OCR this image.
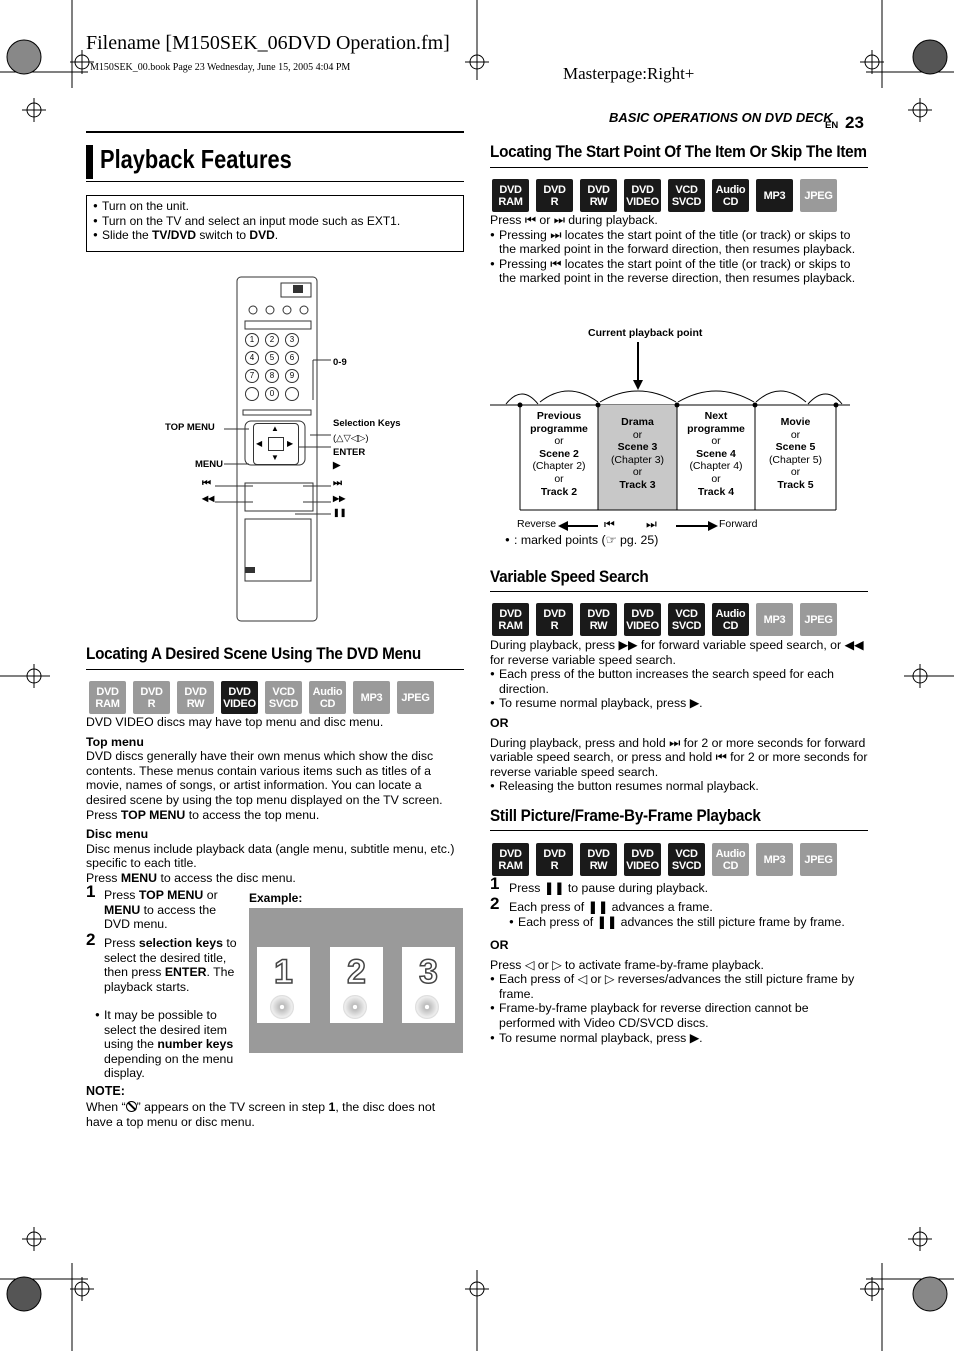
Filename [M150SEK_06DVD Operation.fm]
M150SEK_00.book Page 23 Wednesday, June 15, 2005 4:04 PM	Masterpage:Right+
BASIC OPERATIONS ON DVD DECK
EN 23
Playback Features
● Turn on the unit.
● Turn on the TV and select an input mode such as EXT1.
● Slide the TV/DVD switch to DVD.
TOP MENU
MENU
⏮
◀◀
0-9
Selection Keys
(△▽◁▷)
ENTER
▶
⏭
▶▶
❚❚
1	2	3
4	5	6
7	8	9
0
▲
▼
◀	▶
Locating A Desired Scene Using The DVD Menu
DVD
RAM
DVD
R
DVD
RW
DVD
VIDEO
VCD
SVCD
Audio
CD	MP3	JPEG
DVD VIDEO discs may have top menu and disc menu.
Top menu
DVD discs generally have their own menus which show the disc contents. These menus contain various items such as titles of a movie, names of songs, or artist information. You can locate a desired scene by using the top menu displayed on the TV screen.
Press TOP MENU to access the top menu.
Disc menu
Disc menus include playback data (angle menu, subtitle menu, etc.) specific to each title.
Press MENU to access the disc menu.
1 Press TOP MENU or MENU to access the DVD menu.
2 Press selection keys to select the desired title, then press ENTER. The playback starts.
● It may be possible to select the desired item using the number keys depending on the menu display.
Example:
1	2	3
NOTE:
When “ ” appears on the TV screen in step 1, the disc does not have a top menu or disc menu.
Locating The Start Point Of The Item Or Skip The Item
DVD
RAM
DVD
R
DVD
RW
DVD
VIDEO
VCD
SVCD
Audio
CD	MP3	JPEG
Press ⏮ or ⏭ during playback.
● Pressing ⏭ locates the start point of the title (or track) or skips to the marked point in the forward direction, then resumes playback.
● Pressing ⏮ locates the start point of the title (or track) or skips to the marked point in the reverse direction, then resumes playback.
Current playback point
Previous programme
or
Scene 2
(Chapter 2)
or
Track 2
Drama
or
Scene 3
(Chapter 3)
or
Track 3
Next programme
or
Scene 4
(Chapter 4)
or
Track 4
Movie
or
Scene 5
(Chapter 5)
or
Track 5
Reverse	⏮	⏭	Forward
● : marked points (☞ pg. 25)
Variable Speed Search
DVD
RAM
DVD
R
DVD
RW
DVD
VIDEO
VCD
SVCD
Audio
CD	MP3	JPEG
During playback, press ▶▶ for forward variable speed search, or ◀◀ for reverse variable speed search.
● Each press of the button increases the search speed for each direction.
● To resume normal playback, press ▶.
OR
During playback, press and hold ⏭ for 2 or more seconds for forward variable speed search, or press and hold ⏮ for 2 or more seconds for reverse variable speed search.
● Releasing the button resumes normal playback.
Still Picture/Frame-By-Frame Playback
DVD
RAM
DVD
R
DVD
RW
DVD
VIDEO
VCD
SVCD
Audio
CD	MP3	JPEG
1 Press ❚❚ to pause during playback.
2 Each press of ❚❚ advances a frame.
● Each press of ❚❚ advances the still picture frame by frame.
OR
Press ◁ or ▷ to activate frame-by-frame playback.
● Each press of ◁ or ▷ reverses/advances the still picture frame by frame.
● Frame-by-frame playback for reverse direction cannot be performed with Video CD/SVCD discs.
● To resume normal playback, press ▶.
